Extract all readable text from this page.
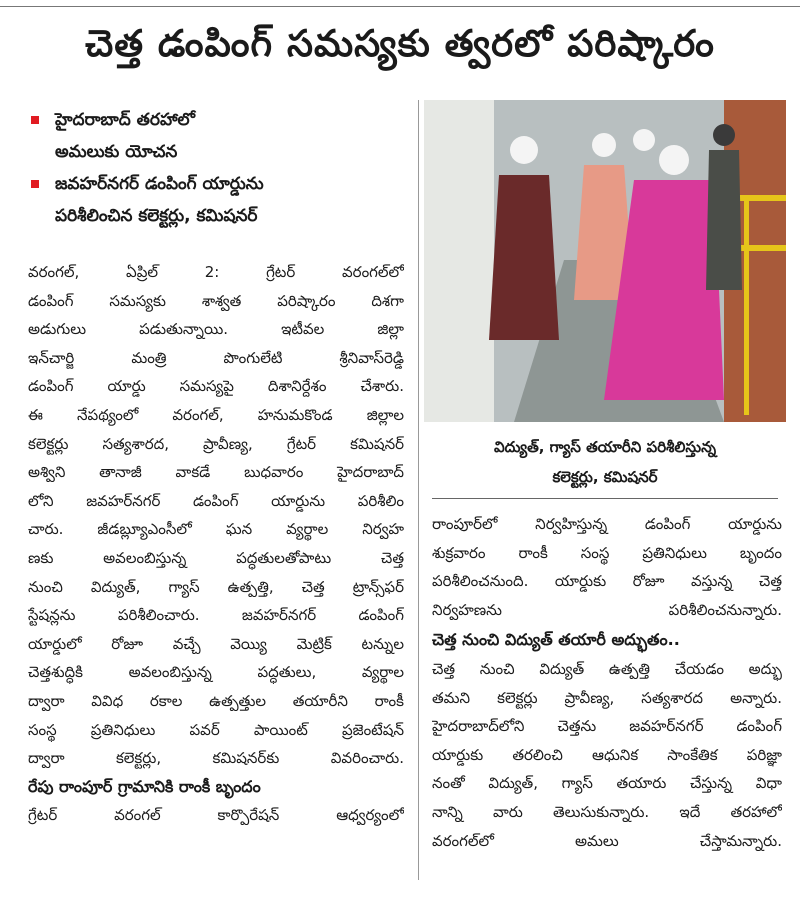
చెత్త డంపింగ్ సమస్యకు త్వరలో పరిష్కారం
హైదరాబాద్ తరహాలో
అమలుకు యోచన
జవహర్‌నగర్ డంపింగ్ యార్డును
పరిశీలించిన కలెక్టర్లు, కమిషనర్
వరంగల్, ఏప్రిల్ 2: గ్రేటర్ వరంగల్‌లో
డంపింగ్ సమస్యకు శాశ్వత పరిష్కారం దిశగా
అడుగులు పడుతున్నాయి. ఇటీవల జిల్లా
ఇన్‌చార్జి మంత్రి పొంగులేటి శ్రీనివాస్‌రెడ్డి
డంపింగ్ యార్డు సమస్యపై దిశానిర్దేశం చేశారు.
ఈ నేపథ్యంలో వరంగల్, హనుమకొండ జిల్లాల
కలెక్టర్లు సత్యశారద, ప్రావీణ్య, గ్రేటర్ కమిషనర్
అశ్విని తానాజీ వాకడే బుధవారం హైదరాబాద్
లోని జవహర్‌నగర్ డంపింగ్ యార్డును పరిశీలిం
చారు. జీడబ్ల్యూఎంసీలో ఘన వ్యర్థాల నిర్వహ
ణకు అవలంబిస్తున్న పద్ధతులతోపాటు చెత్త
నుంచి విద్యుత్, గ్యాస్ ఉత్పత్తి, చెత్త ట్రాన్స్‌ఫర్
స్టేషన్లను పరిశీలించారు. జవహర్‌నగర్ డంపింగ్
యార్డులో రోజూ వచ్చే వెయ్యి మెట్రిక్ టన్నుల
చెత్తశుద్ధికి అవలంబిస్తున్న పద్ధతులు, వ్యర్థాల
ద్వారా వివిధ రకాల ఉత్పత్తుల తయారీని రాంకీ
సంస్థ ప్రతినిధులు పవర్ పాయింట్ ప్రజెంటేషన్
ద్వారా కలెక్టర్లు, కమిషనర్‌కు వివరించారు.
రేపు రాంపూర్ గ్రామానికి రాంకీ బృందం
గ్రేటర్ వరంగల్ కార్పొరేషన్ ఆధ్వర్యంలో
విద్యుత్, గ్యాస్ తయారీని పరిశీలిస్తున్న
కలెక్టర్లు, కమిషనర్
రాంపూర్‌లో నిర్వహిస్తున్న డంపింగ్ యార్డును
శుక్రవారం రాంకీ సంస్థ ప్రతినిధులు బృందం
పరిశీలించనుంది. యార్డుకు రోజూ వస్తున్న చెత్త
నిర్వహణను పరిశీలించనున్నారు.
చెత్త నుంచి విద్యుత్ తయారీ అద్భుతం..
చెత్త నుంచి విద్యుత్ ఉత్పత్తి చేయడం అద్భు
తమని కలెక్టర్లు ప్రావీణ్య, సత్యశారద అన్నారు.
హైదరాబాద్‌లోని చెత్తను జవహర్‌నగర్ డంపింగ్
యార్డుకు తరలించి ఆధునిక సాంకేతిక పరిజ్ఞా
నంతో విద్యుత్, గ్యాస్ తయారు చేస్తున్న విధా
నాన్ని వారు తెలుసుకున్నారు. ఇదే తరహాలో
వరంగల్‌లో అమలు చేస్తామన్నారు.
